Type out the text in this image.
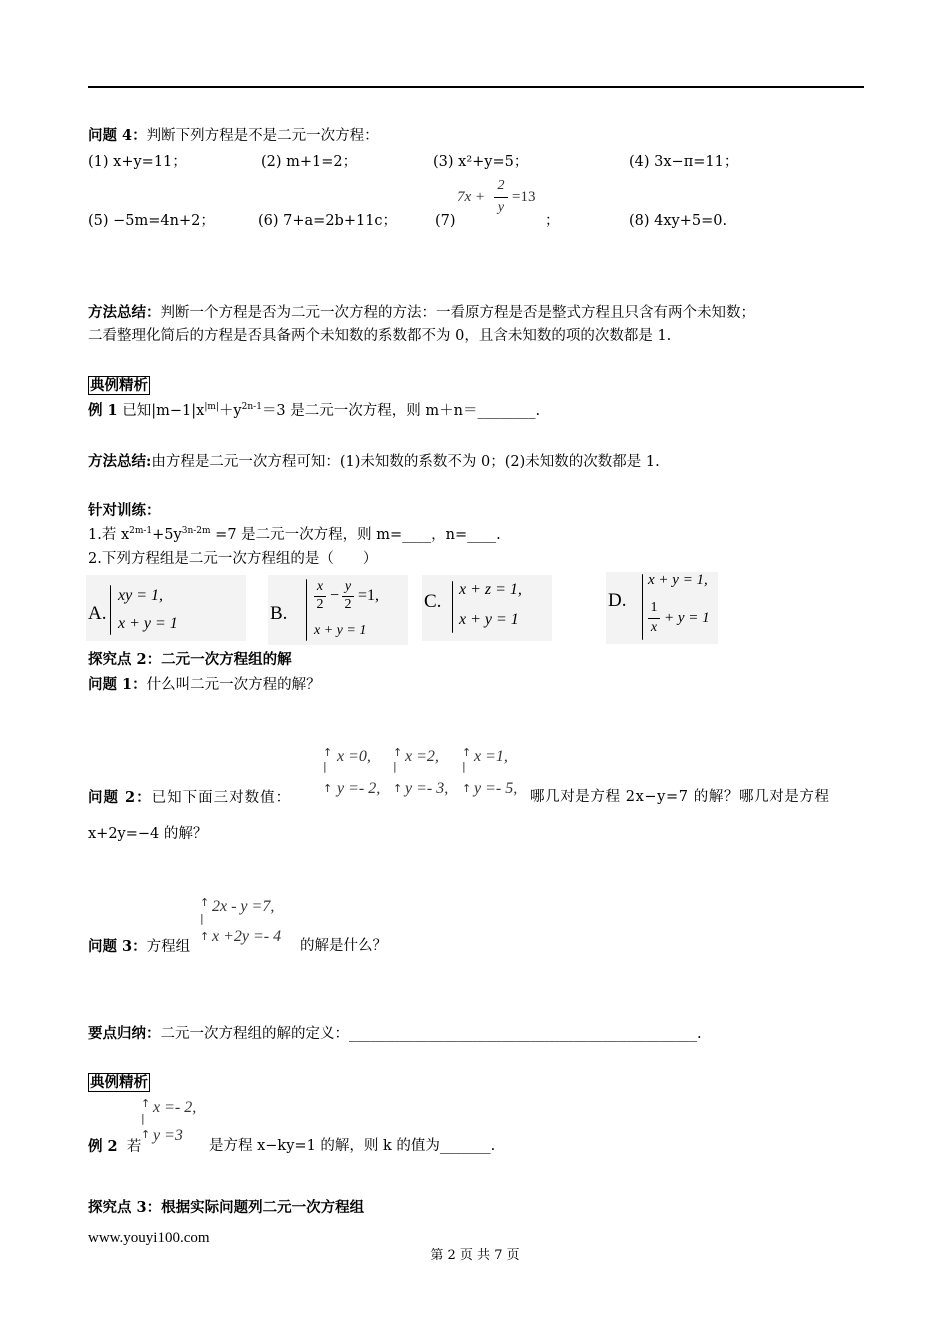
问题 4：判断下列方程是不是二元一次方程：
(1) x+y=11；	(2) m+1=2；	(3) x²+y=5；	(4) 3x−π=11；
(5) −5m=4n+2；	(6) 7+a=2b+11c；	(7)
7x +
2
y
=13
；	(8) 4xy+5=0.
方法总结：判断一个方程是否为二元一次方程的方法：一看原方程是否是整式方程且只含有两个未知数；
二看整理化简后的方程是否具备两个未知数的系数都不为 0，且含未知数的项的次数都是 1.
典例精析
例 1 已知$|m-1|x^{|m|}+y^{2n-1}=3$ 是二元一次方程，则 m＋n＝________.
方法总结:由方程是二元一次方程可知：(1)未知数的系数不为 0；(2)未知数的次数都是 1.
针对训练：
1.若 $x^{2m-1}+5y^{3n-2m} =7$ 是二元一次方程，则 m=____，n=____.
2.下列方程组是二元一次方程组的是（　　）
A.
xy = 1,
x + y = 1	B.
x
2
−
y
2
=1,
x + y = 1
C.
x + z = 1,
x + y = 1
D.
x + y = 1,
1
x
+ y = 1
探究点 2：二元一次方程组的解
问题 1：什么叫二元一次方程的解？
↑
|
↑
x =0,
y =- 2,
↑
|
↑
x =2,
y =- 3,
↑
|
↑
x =1,
y =- 5,
问题 2：已知下面三对数值：	哪几对是方程 2x−y=7 的解？哪几对是方程
x+2y=−4 的解？
↑
|
↑
2x - y =7,
x +2y =- 4
问题 3：方程组	的解是什么？
要点归纳：二元一次方程组的解的定义：________________________________________________.
典例精析
↑
|
↑
x =- 2,
y =3
例 2 若	是方程 x−ky=1 的解，则 k 的值为_______.
探究点 3：根据实际问题列二元一次方程组
www.youyi100.com
第 2 页 共 7 页
